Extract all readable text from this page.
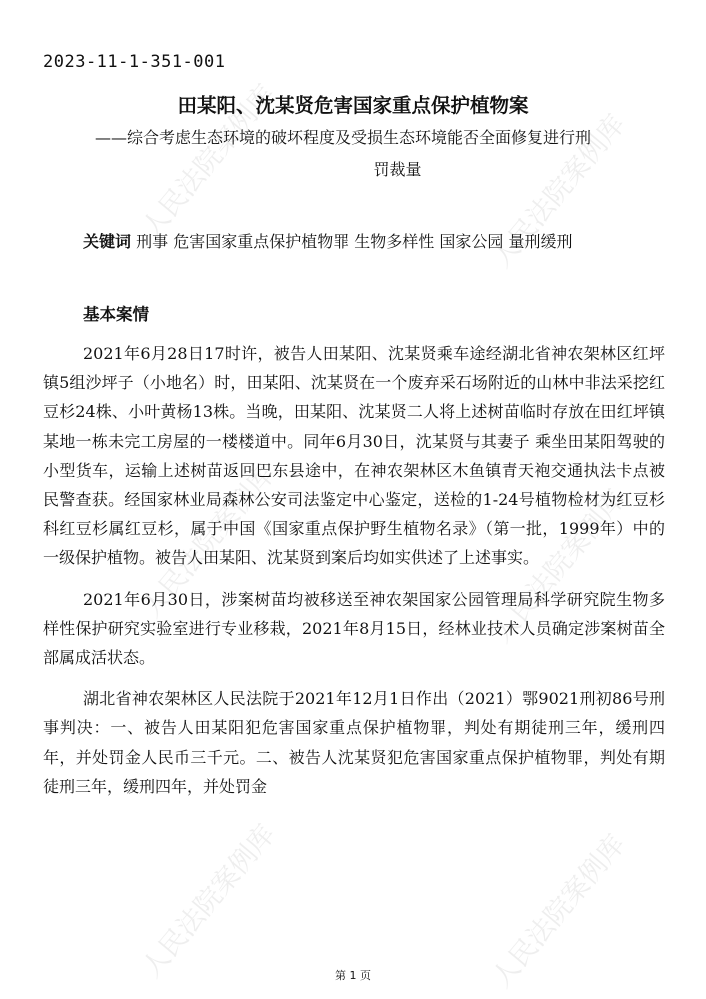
人民法院案例库	人民法院案例库
人民法院案例库	人民法院案例库
人民法院案例库	人民法院案例库
2023-11-1-351-001
田某阳、沈某贤危害国家重点保护植物案
——综合考虑生态环境的破坏程度及受损生态环境能否全面修复进行刑
罚裁量
关键词 刑事 危害国家重点保护植物罪 生物多样性 国家公园 量刑缓刑
基本案情

2021年6月28日17时许，被告人田某阳、沈某贤乘车途经湖北省神农架林区红坪镇5组沙坪子（小地名）时，田某阳、沈某贤在一个废弃采石场附近的山林中非法采挖红豆杉24株、小叶黄杨13株。当晚，田某阳、沈某贤二人将上述树苗临时存放在田红坪镇某地一栋未完工房屋的一楼楼道中。同年6月30日，沈某贤与其妻子 乘坐田某阳驾驶的小型货车，运输上述树苗返回巴东县途中，在神农架林区木鱼镇青天袍交通执法卡点被民警查获。经国家林业局森林公安司法鉴定中心鉴定，送检的1-24号植物检材为红豆杉科红豆杉属红豆杉，属于中国《国家重点保护野生植物名录》（第一批，1999年）中的一级保护植物。被告人田某阳、沈某贤到案后均如实供述了上述事实。

2021年6月30日，涉案树苗均被移送至神农架国家公园管理局科学研究院生物多样性保护研究实验室进行专业移栽，2021年8月15日，经林业技术人员确定涉案树苗全部属成活状态。

湖北省神农架林区人民法院于2021年12月1日作出（2021）鄂9021刑初86号刑事判决：一、被告人田某阳犯危害国家重点保护植物罪，判处有期徒刑三年，缓刑四年，并处罚金人民币三千元。二、被告人沈某贤犯危害国家重点保护植物罪，判处有期徒刑三年，缓刑四年，并处罚金

第 1 页
